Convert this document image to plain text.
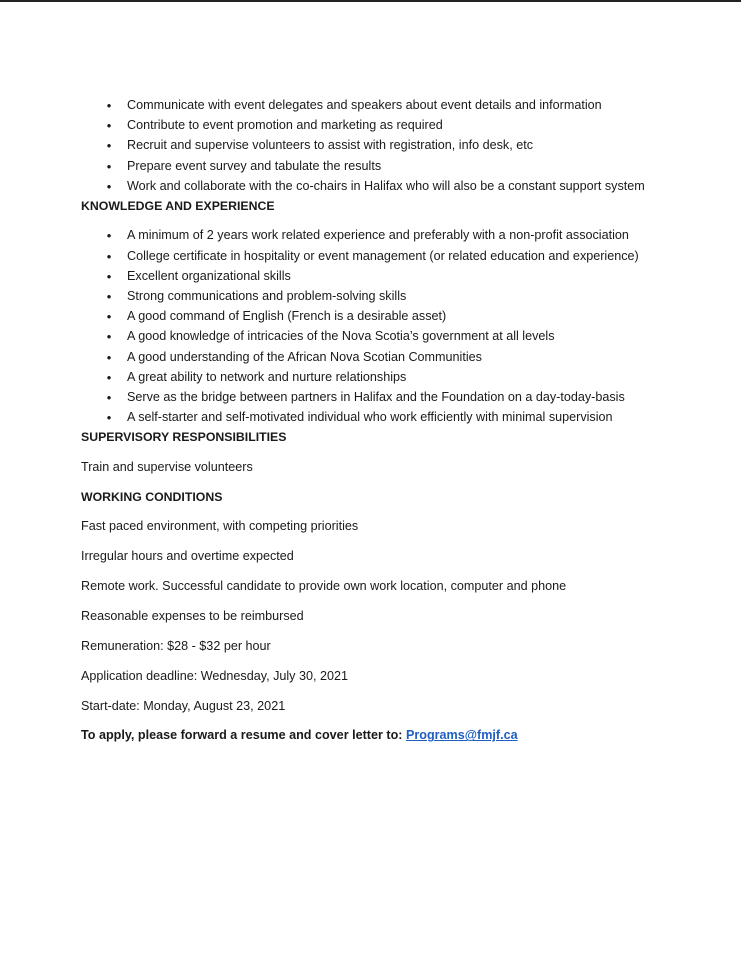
• Communicate with event delegates and speakers about event details and information
• Contribute to event promotion and marketing as required
• Recruit and supervise volunteers to assist with registration, info desk, etc
• Prepare event survey and tabulate the results
• Work and collaborate with the co-chairs in Halifax who will also be a constant support system
KNOWLEDGE AND EXPERIENCE
• A minimum of 2 years work related experience and preferably with a non-profit association
• College certificate in hospitality or event management (or related education and experience)
• Excellent organizational skills
• Strong communications and problem-solving skills
• A good command of English (French is a desirable asset)
• A good knowledge of intricacies of the Nova Scotia’s government at all levels
• A good understanding of the African Nova Scotian Communities
• A great ability to network and nurture relationships
• Serve as the bridge between partners in Halifax and the Foundation on a day-today-basis
• A self-starter and self-motivated individual who work efficiently with minimal supervision
SUPERVISORY RESPONSIBILITIES

Train and supervise volunteers

WORKING CONDITIONS

Fast paced environment, with competing priorities

Irregular hours and overtime expected

Remote work. Successful candidate to provide own work location, computer and phone

Reasonable expenses to be reimbursed

Remuneration: $28 - $32 per hour

Application deadline: Wednesday, July 30, 2021

Start-date: Monday, August 23, 2021

To apply, please forward a resume and cover letter to: Programs@fmjf.ca
